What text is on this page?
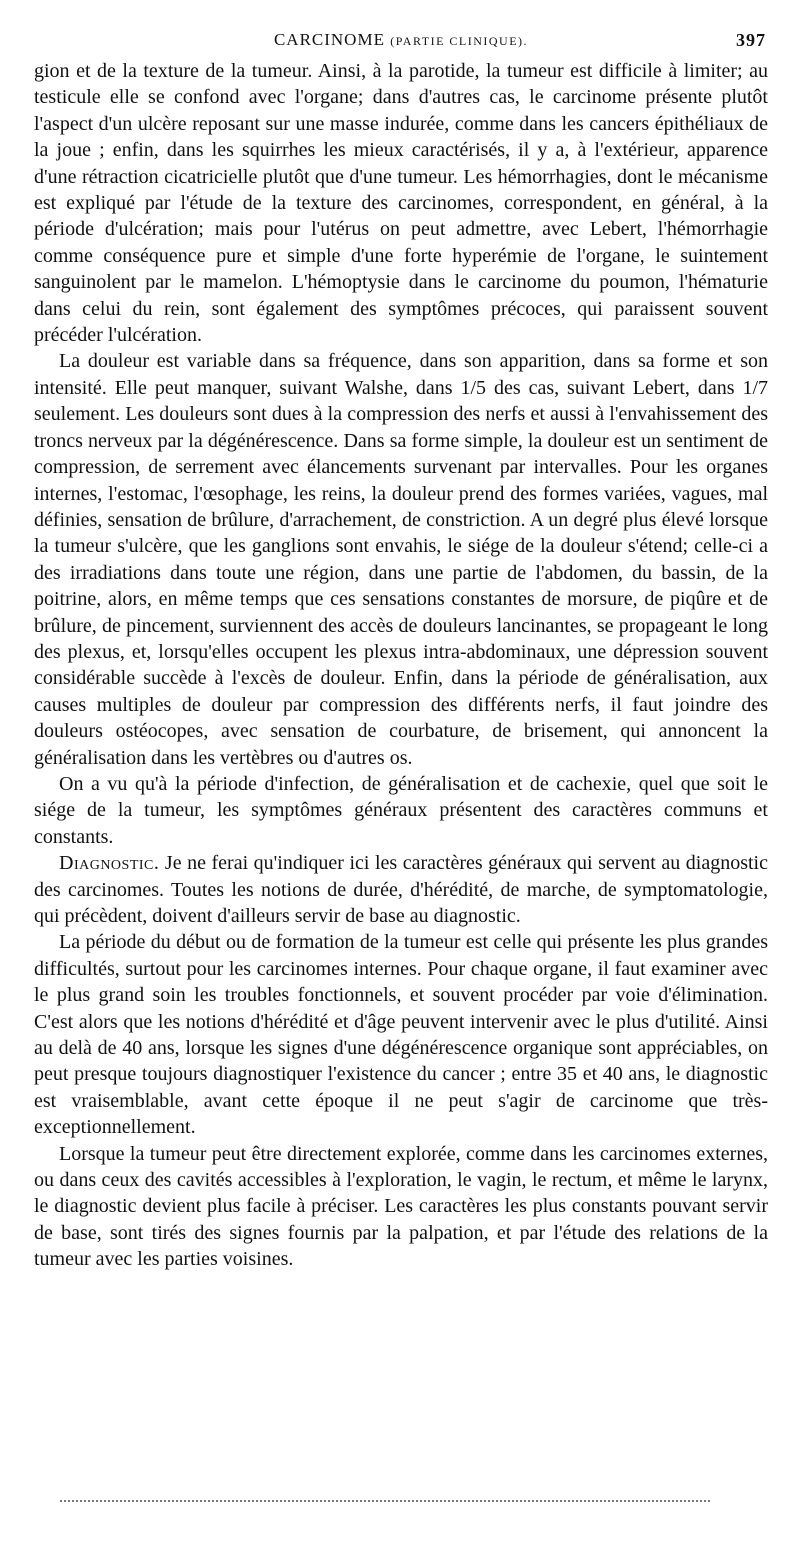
CARCINOME (PARTIE CLINIQUE).	397

gion et de la texture de la tumeur. Ainsi, à la parotide, la tumeur est difficile à limiter; au testicule elle se confond avec l'organe; dans d'autres cas, le carcinome présente plutôt l'aspect d'un ulcère reposant sur une masse indurée, comme dans les cancers épithéliaux de la joue ; enfin, dans les squirrhes les mieux caractérisés, il y a, à l'extérieur, apparence d'une rétraction cicatricielle plutôt que d'une tumeur. Les hémorrhagies, dont le mécanisme est expliqué par l'étude de la texture des carcinomes, correspondent, en général, à la période d'ulcération; mais pour l'utérus on peut admettre, avec Lebert, l'hémorrhagie comme conséquence pure et simple d'une forte hyperémie de l'organe, le suintement sanguinolent par le mamelon. L'hémoptysie dans le carcinome du poumon, l'hématurie dans celui du rein, sont également des symptômes précoces, qui paraissent souvent précéder l'ulcération.

La douleur est variable dans sa fréquence, dans son apparition, dans sa forme et son intensité. Elle peut manquer, suivant Walshe, dans 1/5 des cas, suivant Lebert, dans 1/7 seulement. Les douleurs sont dues à la compression des nerfs et aussi à l'envahissement des troncs nerveux par la dégénérescence. Dans sa forme simple, la douleur est un sentiment de compression, de serrement avec élancements survenant par intervalles. Pour les organes internes, l'estomac, l'œsophage, les reins, la douleur prend des formes variées, vagues, mal définies, sensation de brûlure, d'arrachement, de constriction. A un degré plus élevé lorsque la tumeur s'ulcère, que les ganglions sont envahis, le siége de la douleur s'étend; celle-ci a des irradiations dans toute une région, dans une partie de l'abdomen, du bassin, de la poitrine, alors, en même temps que ces sensations constantes de morsure, de piqûre et de brûlure, de pincement, surviennent des accès de douleurs lancinantes, se propageant le long des plexus, et, lorsqu'elles occupent les plexus intra-abdominaux, une dépression souvent considérable succède à l'excès de douleur. Enfin, dans la période de généralisation, aux causes multiples de douleur par compression des différents nerfs, il faut joindre des douleurs ostéocopes, avec sensation de courbature, de brisement, qui annoncent la généralisation dans les vertèbres ou d'autres os.

On a vu qu'à la période d'infection, de généralisation et de cachexie, quel que soit le siége de la tumeur, les symptômes généraux présentent des caractères communs et constants.

Diagnostic. Je ne ferai qu'indiquer ici les caractères généraux qui servent au diagnostic des carcinomes. Toutes les notions de durée, d'hérédité, de marche, de symptomatologie, qui précèdent, doivent d'ailleurs servir de base au diagnostic.

La période du début ou de formation de la tumeur est celle qui présente les plus grandes difficultés, surtout pour les carcinomes internes. Pour chaque organe, il faut examiner avec le plus grand soin les troubles fonctionnels, et souvent procéder par voie d'élimination. C'est alors que les notions d'hérédité et d'âge peuvent intervenir avec le plus d'utilité. Ainsi au delà de 40 ans, lorsque les signes d'une dégénérescence organique sont appréciables, on peut presque toujours diagnostiquer l'existence du cancer ; entre 35 et 40 ans, le diagnostic est vraisemblable, avant cette époque il ne peut s'agir de carcinome que très-exceptionnellement.

Lorsque la tumeur peut être directement explorée, comme dans les carcinomes externes, ou dans ceux des cavités accessibles à l'exploration, le vagin, le rectum, et même le larynx, le diagnostic devient plus facile à préciser. Les caractères les plus constants pouvant servir de base, sont tirés des signes fournis par la palpation, et par l'étude des relations de la tumeur avec les parties voisines.
